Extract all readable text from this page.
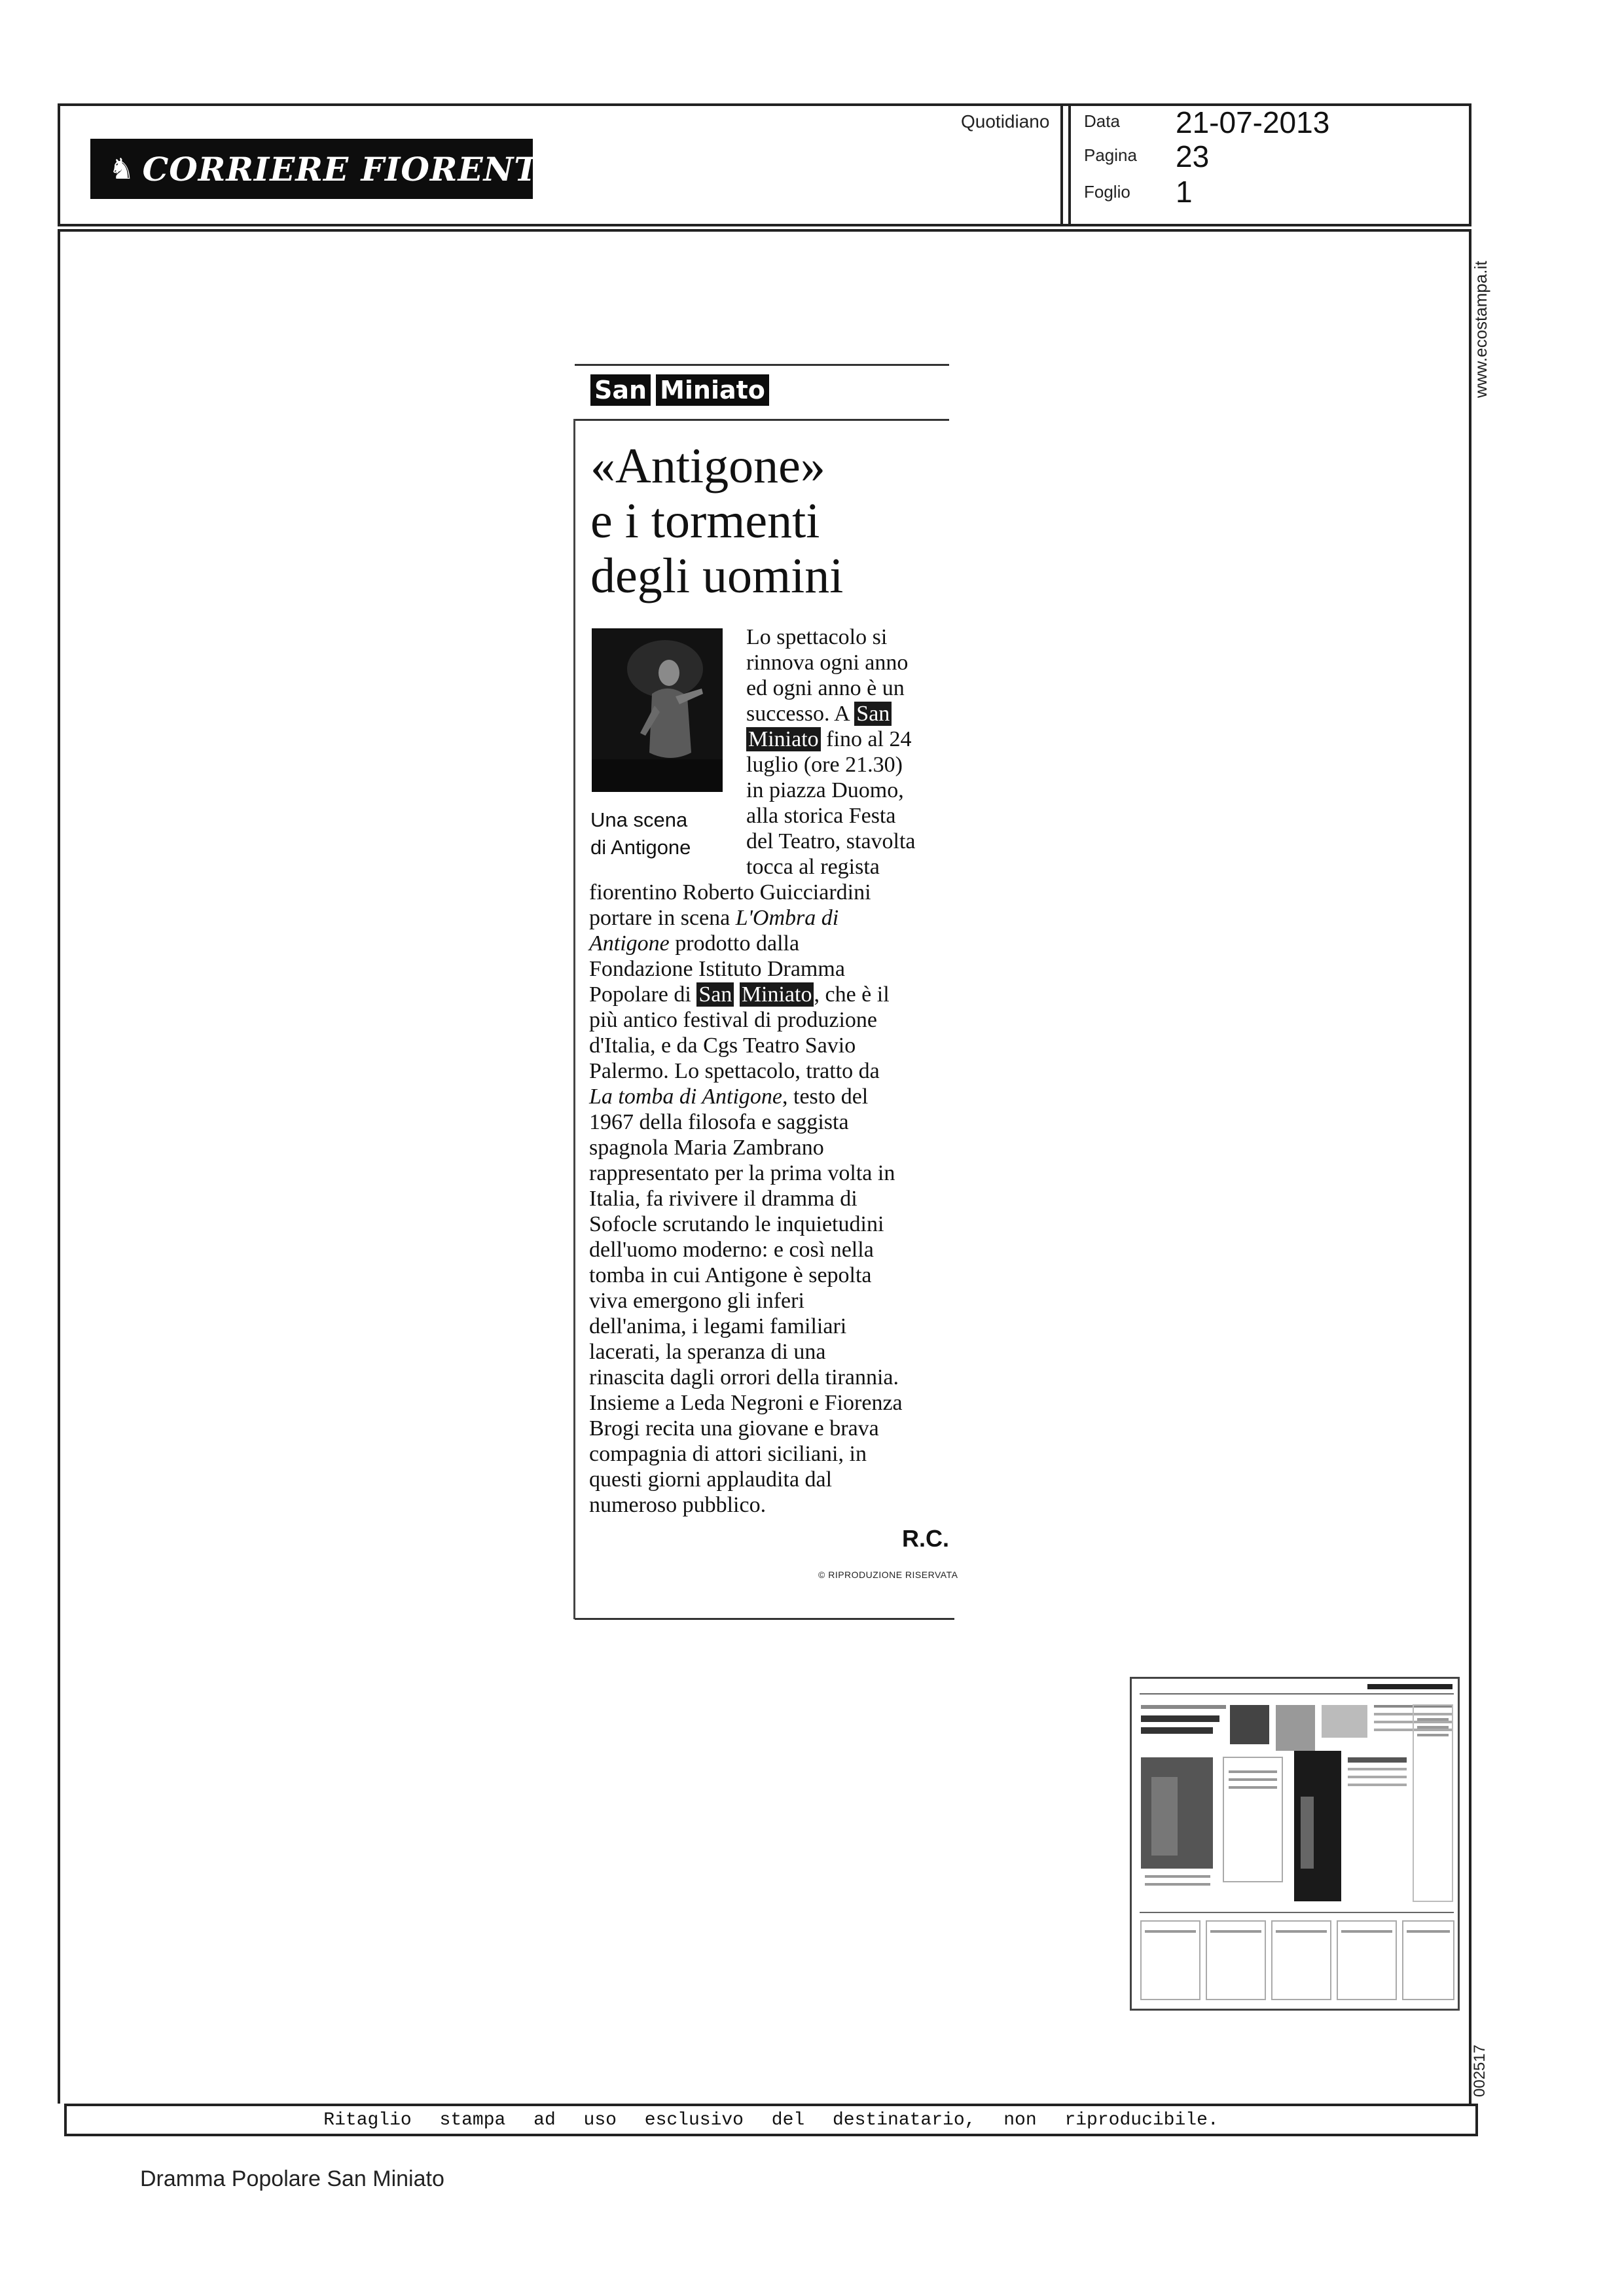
♞ CORRIERE FIORENTINO
Quotidiano Data 21-07-2013
Pagina 23
Foglio 1
www.ecostampa.it
San Miniato
«Antigone»
e i tormenti
degli uomini
Una scena
di Antigone
Lo spettacolo si
rinnova ogni anno
ed ogni anno è un
successo. A San
Miniato fino al 24
luglio (ore 21.30)
in piazza Duomo,
alla storica Festa
del Teatro, stavolta
tocca al regista
fiorentino Roberto Guicciardini
portare in scena L'Ombra di
Antigone prodotto dalla
Fondazione Istituto Dramma
Popolare di San Miniato, che è il
più antico festival di produzione
d'Italia, e da Cgs Teatro Savio
Palermo. Lo spettacolo, tratto da
La tomba di Antigone, testo del
1967 della filosofa e saggista
spagnola Maria Zambrano
rappresentato per la prima volta in
Italia, fa rivivere il dramma di
Sofocle scrutando le inquietudini
dell'uomo moderno: e così nella
tomba in cui Antigone è sepolta
viva emergono gli inferi
dell'anima, i legami familiari
lacerati, la speranza di una
rinascita dagli orrori della tirannia.
Insieme a Leda Negroni e Fiorenza
Brogi recita una giovane e brava
compagnia di attori siciliani, in
questi giorni applaudita dal
numeroso pubblico.
R.C.
© RIPRODUZIONE RISERVATA
002517
Ritaglio stampa ad uso esclusivo del destinatario, non riproducibile.
Dramma Popolare San Miniato
